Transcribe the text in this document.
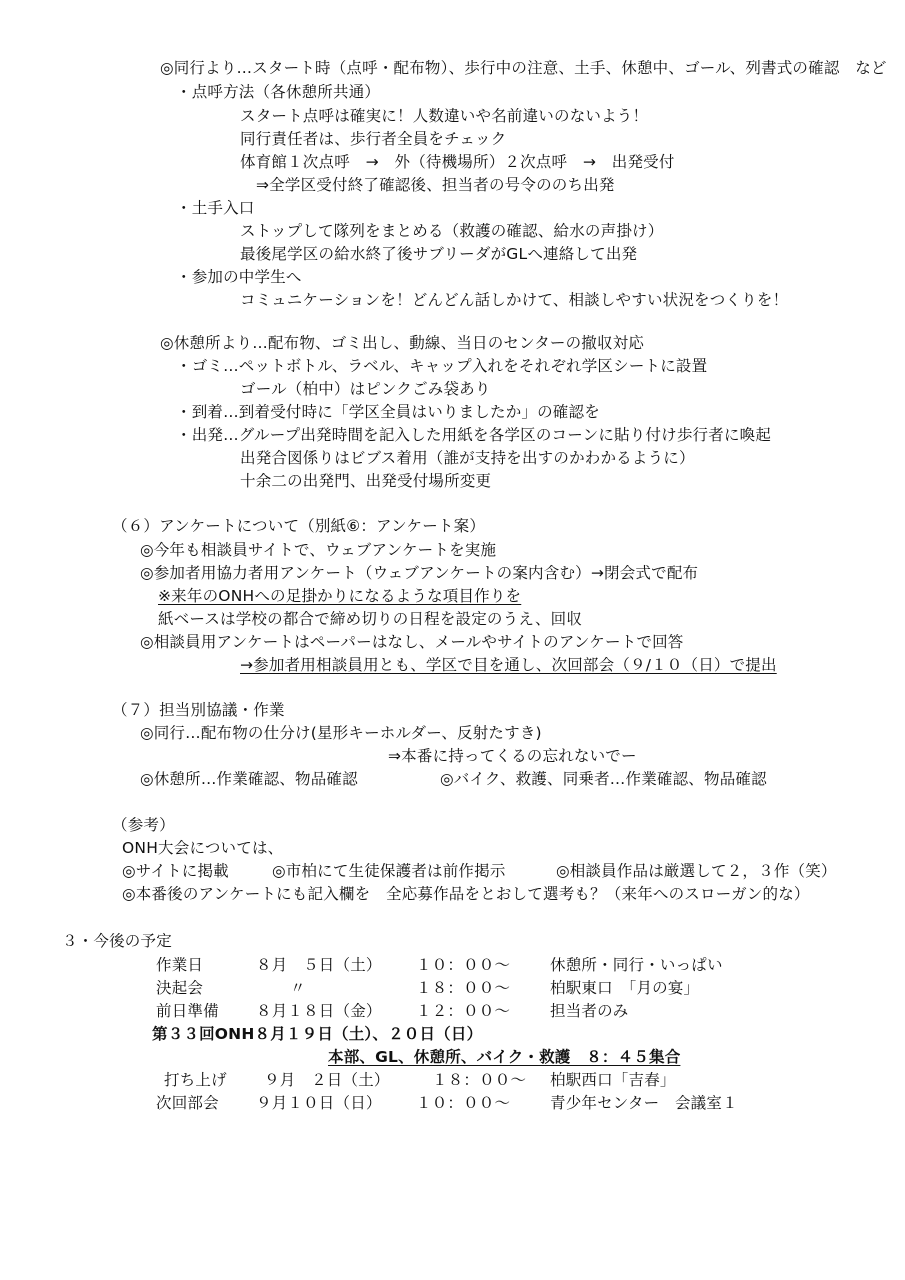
◎同行より…スタート時（点呼・配布物）、歩行中の注意、土手、休憩中、ゴール、列書式の確認　など
・点呼方法（各休憩所共通）
スタート点呼は確実に！人数違いや名前違いのないよう！
同行責任者は、歩行者全員をチェック
体育館１次点呼　→　外（待機場所）２次点呼　→　出発受付
⇒全学区受付終了確認後、担当者の号令ののち出発
・土手入口
ストップして隊列をまとめる（救護の確認、給水の声掛け）
最後尾学区の給水終了後サブリーダがGLへ連絡して出発
・参加の中学生へ
コミュニケーションを！どんどん話しかけて、相談しやすい状況をつくりを！
◎休憩所より…配布物、ゴミ出し、動線、当日のセンターの撤収対応
・ゴミ…ペットボトル、ラベル、キャップ入れをそれぞれ学区シートに設置
ゴール（柏中）はピンクごみ袋あり
・到着…到着受付時に「学区全員はいりましたか」の確認を
・出発…グループ出発時間を記入した用紙を各学区のコーンに貼り付け歩行者に喚起
出発合図係りはビブス着用（誰が支持を出すのかわかるように）
十余二の出発門、出発受付場所変更
（６）アンケートについて（別紙⑥：アンケート案）
◎今年も相談員サイトで、ウェブアンケートを実施
◎参加者用協力者用アンケート（ウェブアンケートの案内含む）→閉会式で配布
※来年のONHへの足掛かりになるような項目作りを
紙ベースは学校の都合で締め切りの日程を設定のうえ、回収
◎相談員用アンケートはペーパーはなし、メールやサイトのアンケートで回答
→参加者用相談員用とも、学区で目を通し、次回部会（９/１０（日）で提出
（７）担当別協議・作業
◎同行…配布物の仕分け(星形キーホルダー、反射たすき)
⇒本番に持ってくるの忘れないでー
◎休憩所…作業確認、物品確認	◎バイク、救護、同乗者…作業確認、物品確認
（参考）
ONH大会については、
◎サイトに掲載	◎市柏にて生徒保護者は前作掲示	◎相談員作品は厳選して２，３作（笑）
◎本番後のアンケートにも記入欄を　全応募作品をとおして選考も？（来年へのスローガン的な）
３・今後の予定
作業日	８月　５日（土） １０：００～	休憩所・同行・いっぱい
決起会	〃	１８：００～	柏駅東口　「月の宴」
前日準備 ８月１８日（金） １２：００～	担当者のみ
第３３回ONH８月１９日（土）、２０日（日）
本部、GL、休憩所、バイク・救護　８：４５集合
打ち上げ ９月　２日（土）	１８：００～ 柏駅西口「吉春」
次回部会 ９月１０日（日） １０：００～	青少年センター　会議室１
